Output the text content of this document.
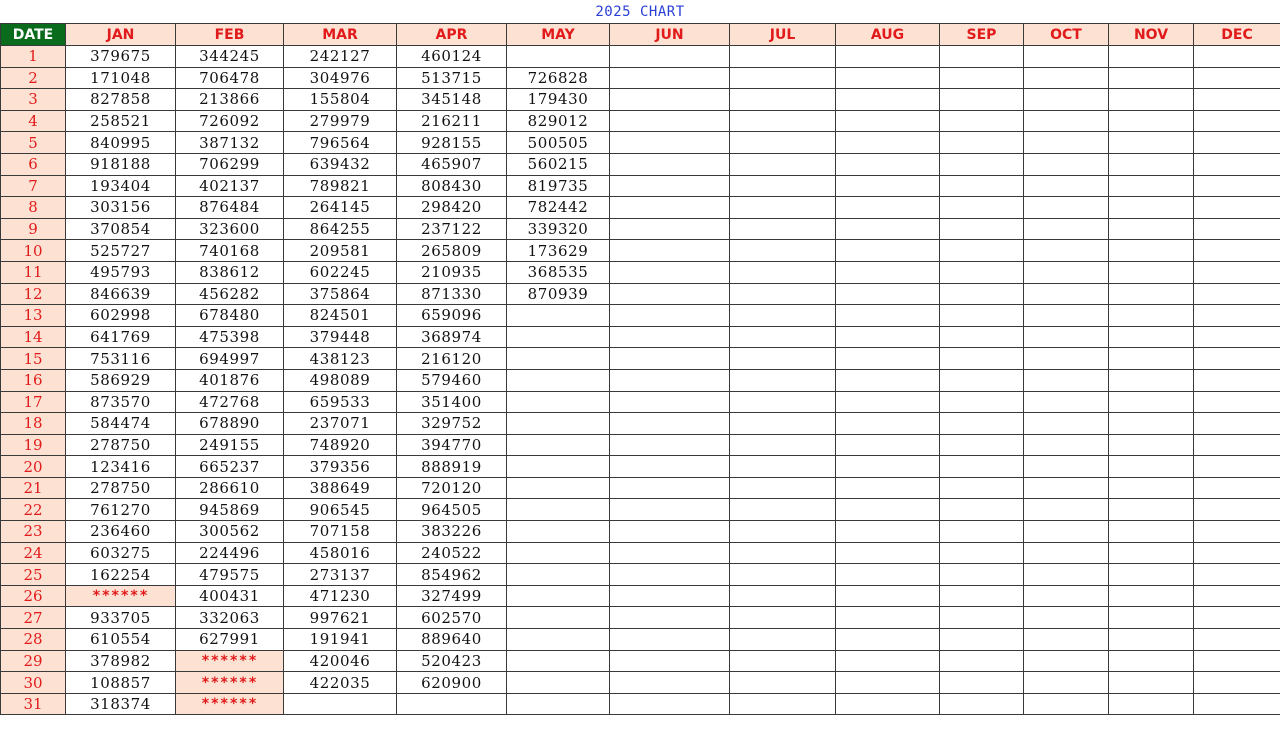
2025 CHART
DATE	JAN	FEB	MAR	APR	MAY	JUN	JUL	AUG	SEP	OCT	NOV	DEC
1	379675	344245	242127	460124								
2	171048	706478	304976	513715	726828							
3	827858	213866	155804	345148	179430							
4	258521	726092	279979	216211	829012							
5	840995	387132	796564	928155	500505							
6	918188	706299	639432	465907	560215							
7	193404	402137	789821	808430	819735							
8	303156	876484	264145	298420	782442							
9	370854	323600	864255	237122	339320							
10	525727	740168	209581	265809	173629							
11	495793	838612	602245	210935	368535							
12	846639	456282	375864	871330	870939							
13	602998	678480	824501	659096								
14	641769	475398	379448	368974								
15	753116	694997	438123	216120								
16	586929	401876	498089	579460								
17	873570	472768	659533	351400								
18	584474	678890	237071	329752								
19	278750	249155	748920	394770								
20	123416	665237	379356	888919								
21	278750	286610	388649	720120								
22	761270	945869	906545	964505								
23	236460	300562	707158	383226								
24	603275	224496	458016	240522								
25	162254	479575	273137	854962								
26	******	400431	471230	327499								
27	933705	332063	997621	602570								
28	610554	627991	191941	889640								
29	378982	******	420046	520423								
30	108857	******	422035	620900								
31	318374	******										
